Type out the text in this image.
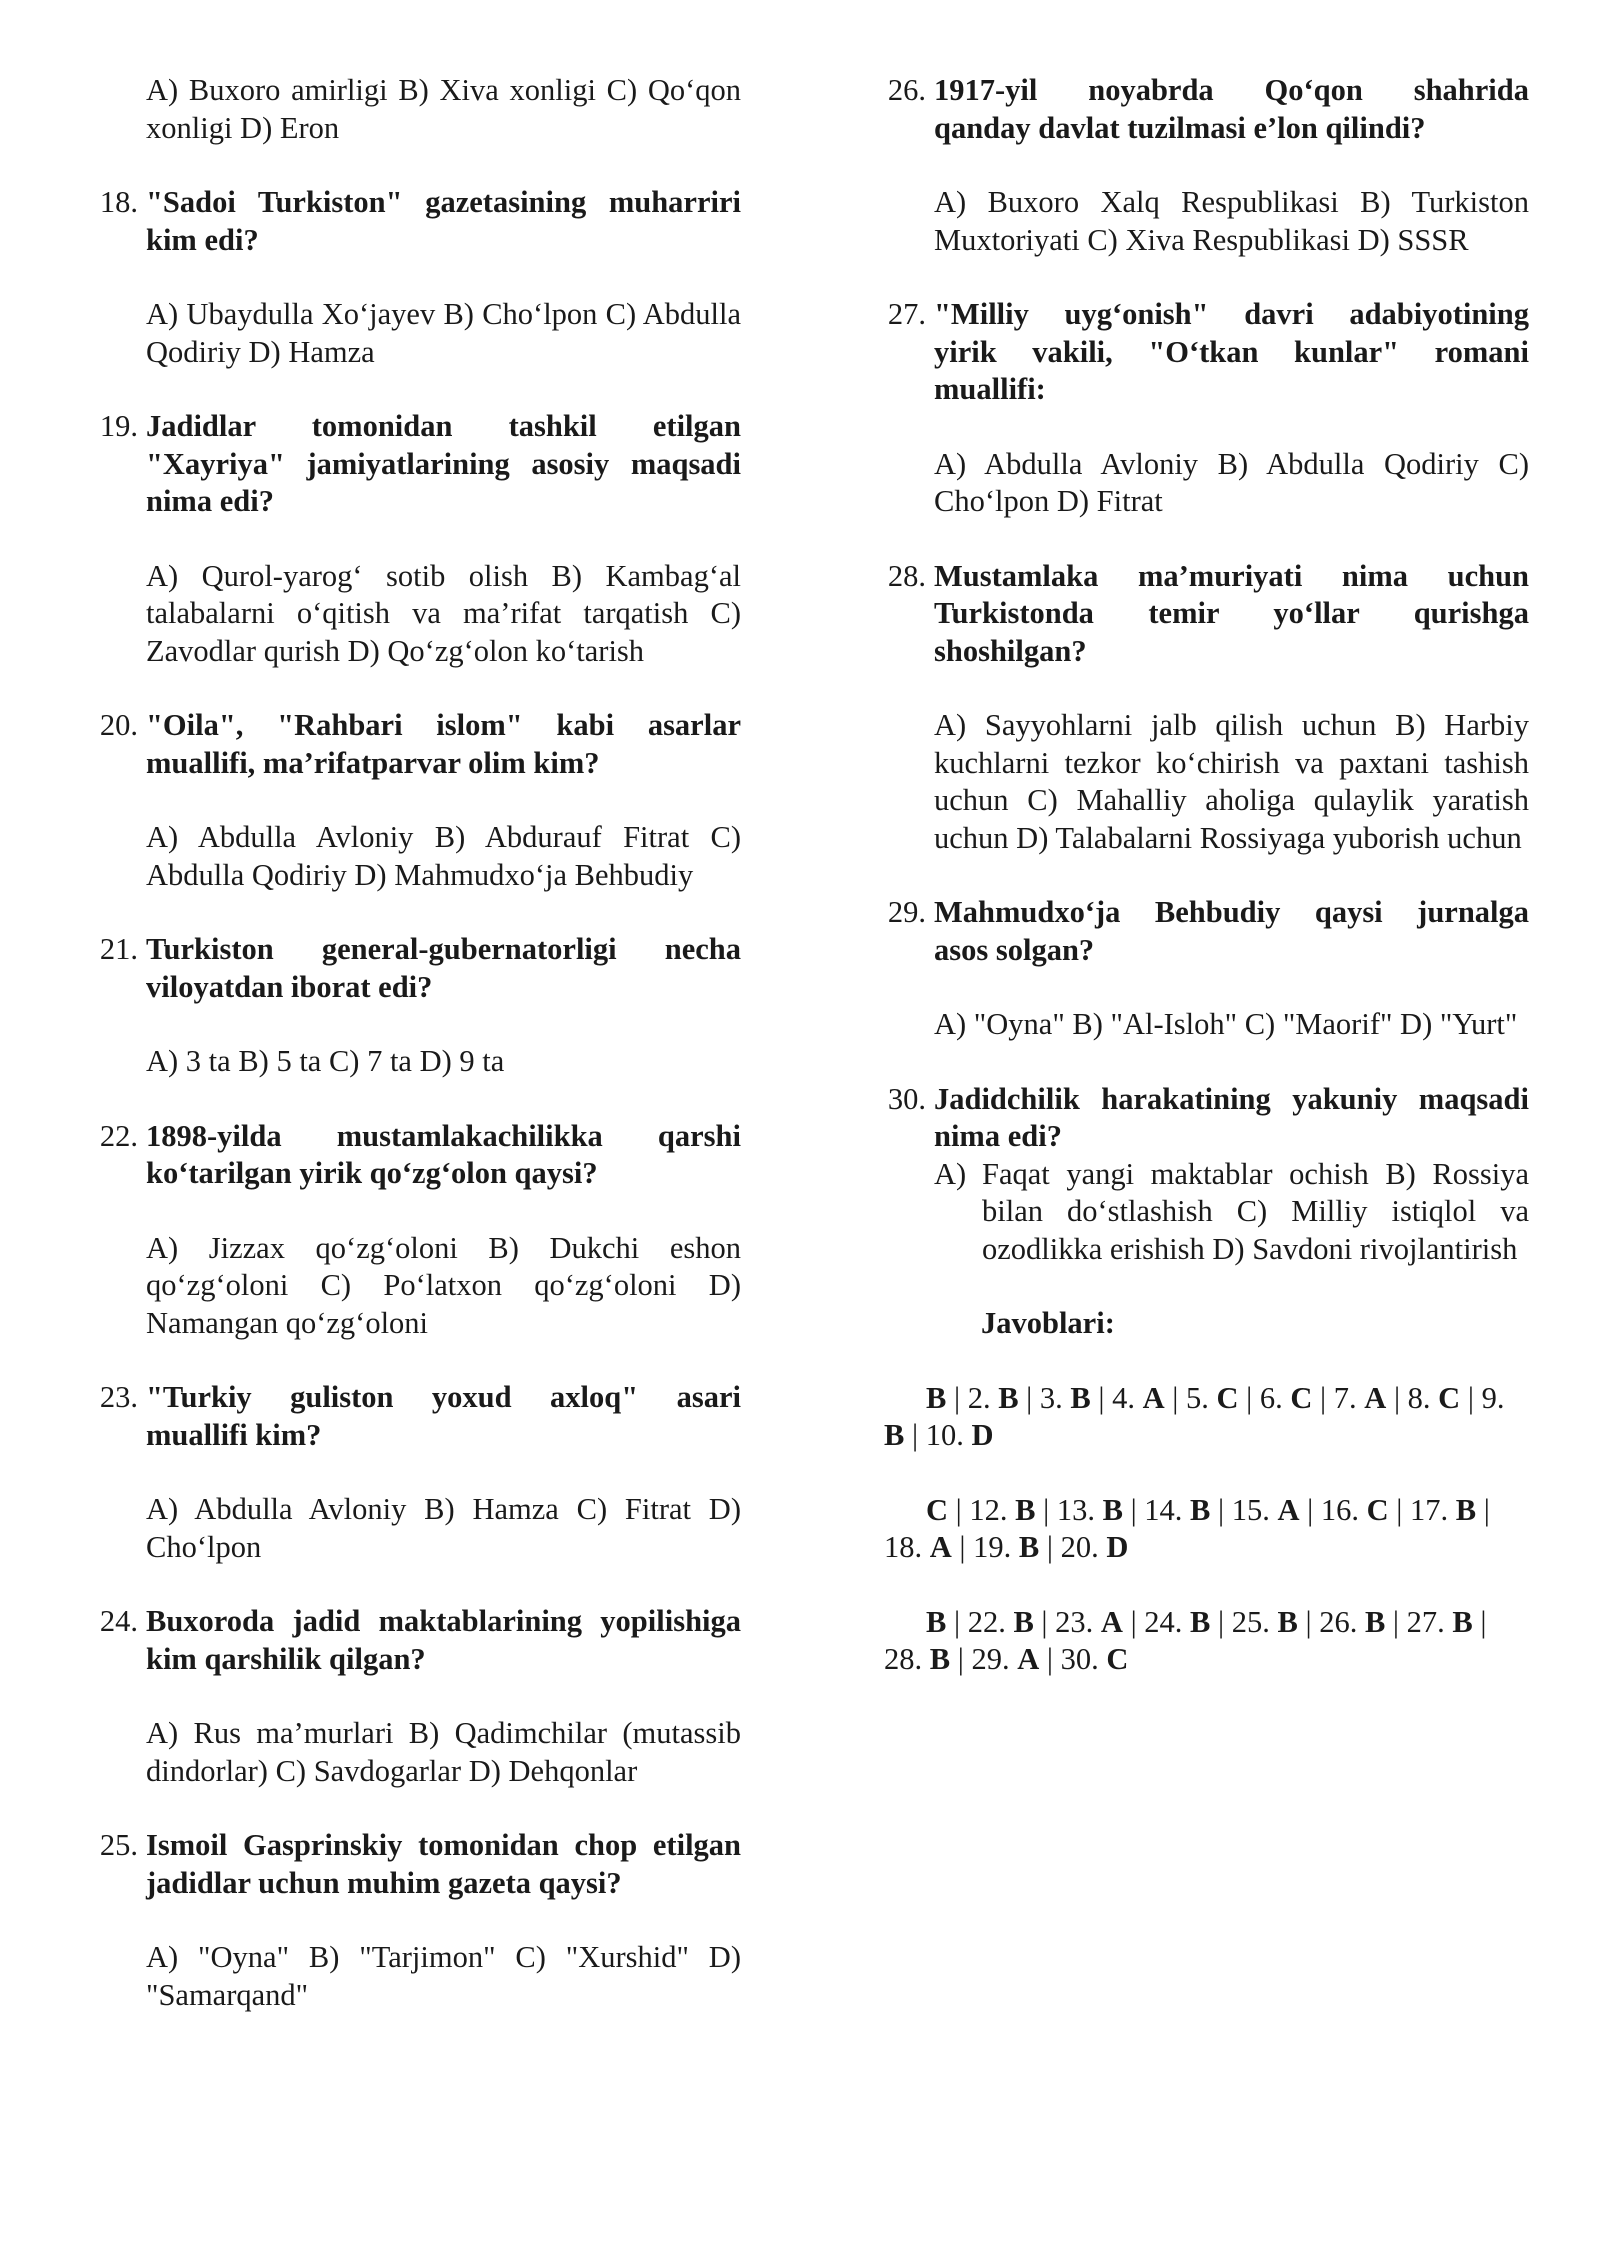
A) Buxoro amirligi B) Xiva xonligi C) Qo‘qon xonligi D) Eron
18. "Sadoi Turkiston" gazetasining muharriri
kim edi?
A) Ubaydulla Xo‘jayev B) Cho‘lpon C) Abdulla Qodiriy D) Hamza
19. Jadidlar tomonidan tashkil etilgan
"Xayriya" jamiyatlarining asosiy maqsadi
nima edi?
A) Qurol-yarog‘ sotib olish B) Kambag‘al talabalarni o‘qitish va ma’rifat tarqatish C) Zavodlar qurish D) Qo‘zg‘olon ko‘tarish
20. "Oila", "Rahbari islom" kabi asarlar
muallifi, ma’rifatparvar olim kim?
A) Abdulla Avloniy B) Abdurauf Fitrat C) Abdulla Qodiriy D) Mahmudxo‘ja Behbudiy
21. Turkiston general-gubernatorligi necha
viloyatdan iborat edi?
A) 3 ta B) 5 ta C) 7 ta D) 9 ta
22. 1898-yilda mustamlakachilikka qarshi
ko‘tarilgan yirik qo‘zg‘olon qaysi?
A) Jizzax qo‘zg‘oloni B) Dukchi eshon qo‘zg‘oloni C) Po‘latxon qo‘zg‘oloni D) Namangan qo‘zg‘oloni
23. "Turkiy guliston yoxud axloq" asari
muallifi kim?
A) Abdulla Avloniy B) Hamza C) Fitrat D) Cho‘lpon
24. Buxoroda jadid maktablarining yopilishiga
kim qarshilik qilgan?
A) Rus ma’murlari B) Qadimchilar (mutassib dindorlar) C) Savdogarlar D) Dehqonlar
25. Ismoil Gasprinskiy tomonidan chop etilgan
jadidlar uchun muhim gazeta qaysi?
A) "Oyna" B) "Tarjimon" C) "Xurshid" D) "Samarqand"
26. 1917-yil noyabrda Qo‘qon shahrida
qanday davlat tuzilmasi e’lon qilindi?
A) Buxoro Xalq Respublikasi B) Turkiston Muxtoriyati C) Xiva Respublikasi D) SSSR
27. "Milliy uyg‘onish" davri adabiyotining
yirik vakili, "O‘tkan kunlar" romani
muallifi:
A) Abdulla Avloniy B) Abdulla Qodiriy C) Cho‘lpon D) Fitrat
28. Mustamlaka ma’muriyati nima uchun
Turkistonda temir yo‘llar qurishga
shoshilgan?
A) Sayyohlarni jalb qilish uchun B) Harbiy kuchlarni tezkor ko‘chirish va paxtani tashish uchun C) Mahalliy aholiga qulaylik yaratish uchun D) Talabalarni Rossiyaga yuborish uchun
29. Mahmudxo‘ja Behbudiy qaysi jurnalga
asos solgan?
A) "Oyna" B) "Al-Isloh" C) "Maorif" D) "Yurt"
30. Jadidchilik harakatining yakuniy maqsadi
nima edi?
A) Faqat yangi maktablar ochish B) Rossiya bilan do‘stlashish C) Milliy istiqlol va ozodlikka erishish D) Savdoni rivojlantirish
Javoblari:
B | 2. B | 3. B | 4. A | 5. C | 6. C | 7. A | 8. C | 9. B | 10. D
C | 12. B | 13. B | 14. B | 15. A | 16. C | 17. B | 18. A | 19. B | 20. D
B | 22. B | 23. A | 24. B | 25. B | 26. B | 27. B | 28. B | 29. A | 30. C
